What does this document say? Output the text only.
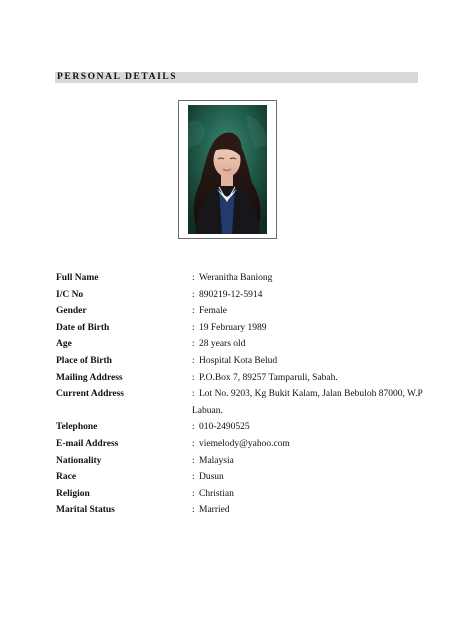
PERSONAL DETAILS
Full Name	: Weranitha Baniong
I/C No	: 890219-12-5914
Gender	: Female
Date of Birth	: 19 February 1989
Age	: 28 years old
Place of Birth	: Hospital Kota Belud
Mailing Address	: P.O.Box 7, 89257 Tamparuli, Sabah.
Current Address	: Lot No. 9203, Kg Bukit Kalam, Jalan Bebuloh 87000, W.P Labuan.
Telephone	: 010-2490525
E-mail Address	: viemelody@yahoo.com
Nationality	: Malaysia
Race	: Dusun
Religion	: Christian
Marital Status	: Married
